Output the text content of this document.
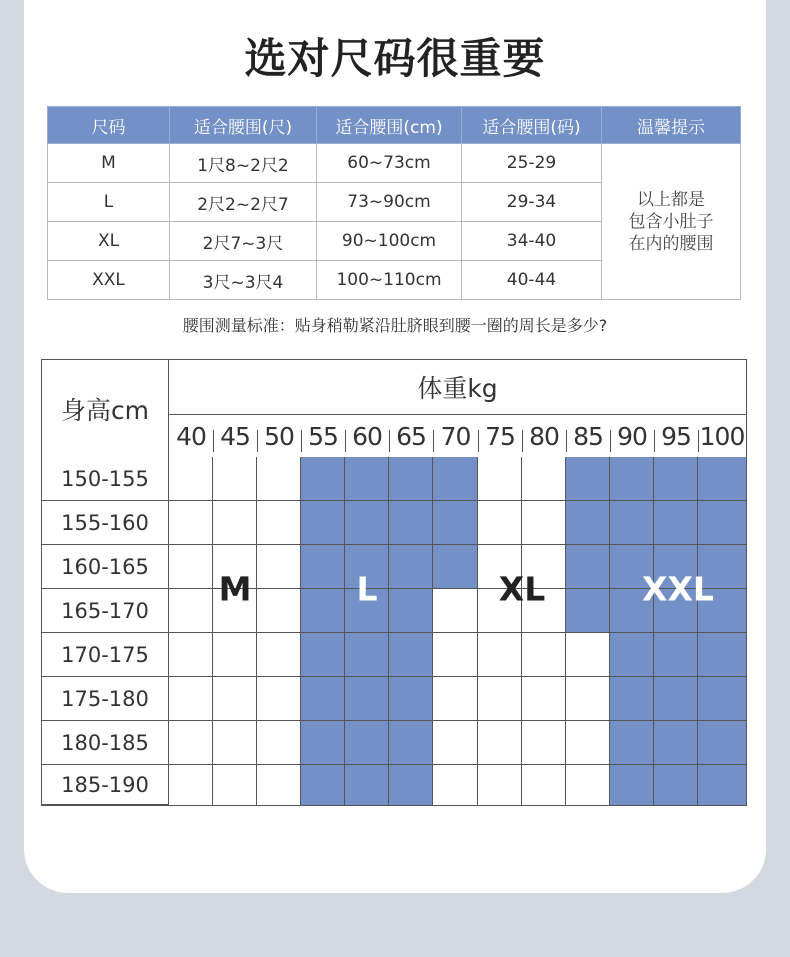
选对尺码很重要
尺码	适合腰围(尺)	适合腰围(cm)	适合腰围(码)	温馨提示
M	1尺8~2尺2	60~73cm	25-29	以上都是
包含小肚子
在内的腰围

L	2尺2~2尺7	73~90cm	29-34	
XL	2尺7~3尺	90~100cm	34-40	
XXL	3尺~3尺4	100~110cm	40-44	
腰围测量标准：贴身稍勒紧沿肚脐眼到腰一圈的周长是多少?
身高cm
体重kg
40 45 50 55 60 65 70 75 80 85 90 95 100
150-155
155-160
160-165
165-170
170-175
175-180
180-185
185-190
M	L	XL	XXL
